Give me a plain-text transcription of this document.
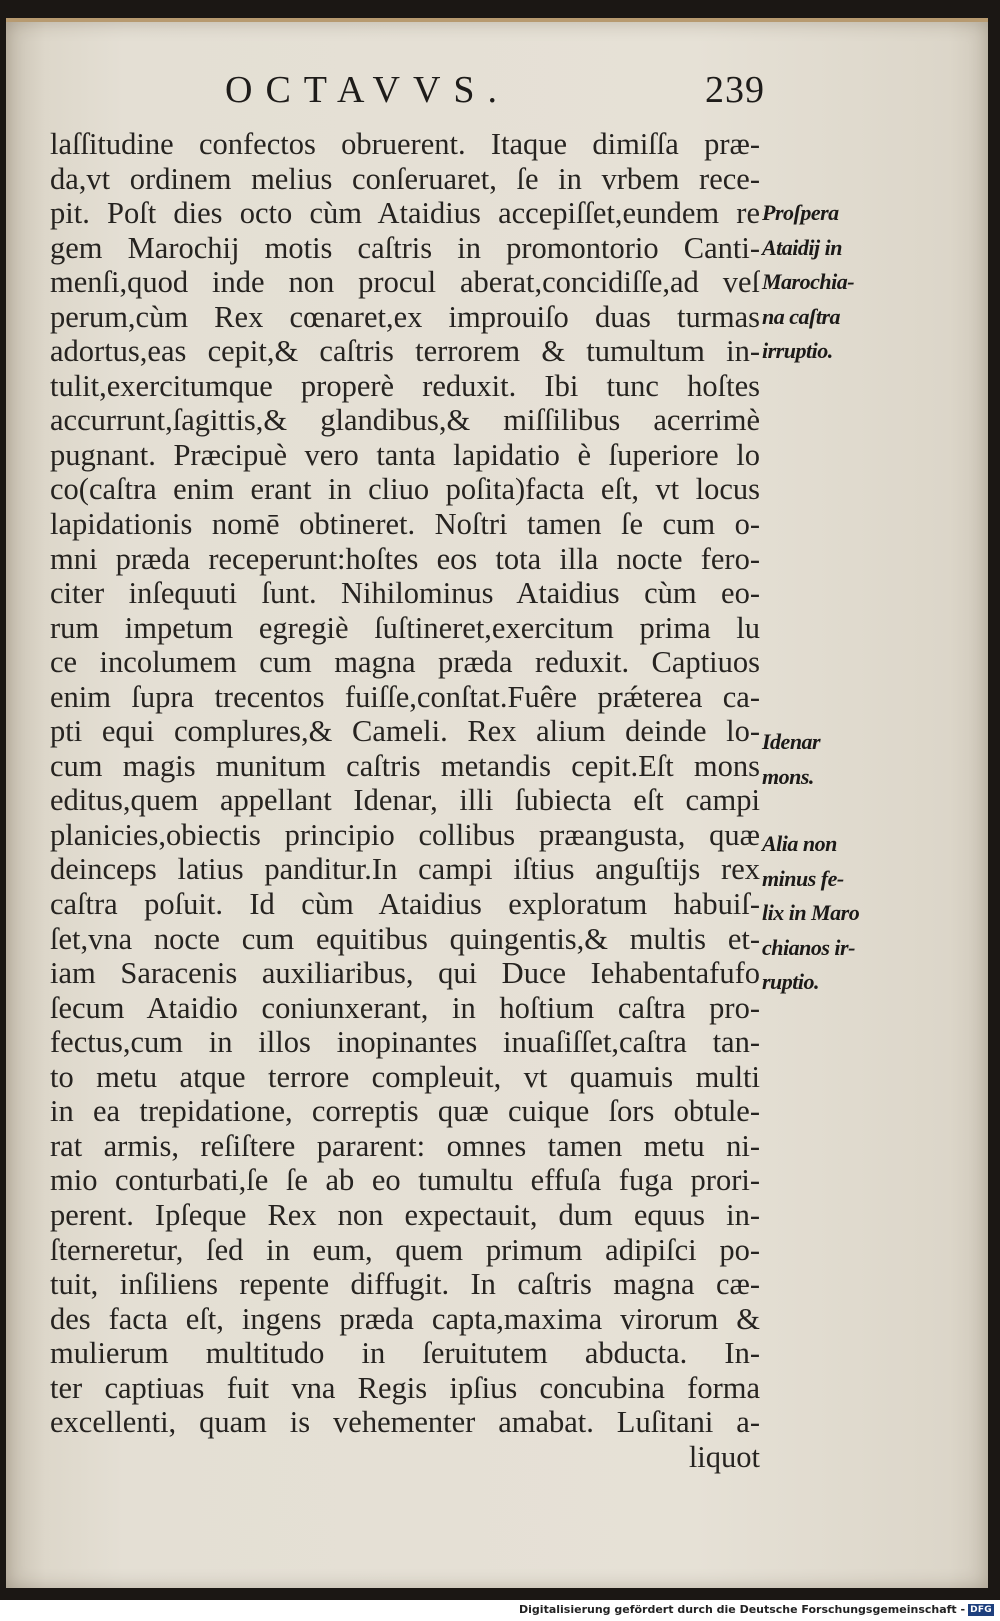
OCTAVVS.	239
laſſitudine confectos obruerent. Itaque dimiſſa præ-
da,vt ordinem melius conſeruaret, ſe in vrbem rece-
pit. Poſt dies octo cùm Ataidius accepiſſet,eundem re
gem Marochij motis caſtris in promontorio Canti-
menſi,quod inde non procul aberat,concidiſſe,ad veſ
perum,cùm Rex cœnaret,ex improuiſo duas turmas
adortus,eas cepit,& caſtris terrorem & tumultum in-
tulit,exercitumque properè reduxit. Ibi tunc hoſtes
accurrunt,ſagittis,& glandibus,& miſſilibus acerrimè
pugnant. Præcipuè vero tanta lapidatio è ſuperiore lo
co(caſtra enim erant in cliuo poſita)facta eſt, vt locus
lapidationis nomē obtineret. Noſtri tamen ſe cum o-
mni præda receperunt:hoſtes eos tota illa nocte fero-
citer inſequuti ſunt. Nihilominus Ataidius cùm eo-
rum impetum egregiè ſuſtineret,exercitum prima lu
ce incolumem cum magna præda reduxit. Captiuos
enim ſupra trecentos fuiſſe,conſtat.Fuêre prǽterea ca-
pti equi complures,& Cameli. Rex alium deinde lo-
cum magis munitum caſtris metandis cepit.Eſt mons
editus,quem appellant Idenar, illi ſubiecta eſt campi
planicies,obiectis principio collibus præangusta, quæ
deinceps latius panditur.In campi iſtius anguſtijs rex
caſtra poſuit. Id cùm Ataidius exploratum habuiſ-
ſet,vna nocte cum equitibus quingentis,& multis et-
iam Saracenis auxiliaribus, qui Duce Iehabentafufo
ſecum Ataidio coniunxerant, in hoſtium caſtra pro-
fectus,cum in illos inopinantes inuaſiſſet,caſtra tan-
to metu atque terrore compleuit, vt quamuis multi
in ea trepidatione, correptis quæ cuique ſors obtule-
rat armis, reſiſtere pararent: omnes tamen metu ni-
mio conturbati,ſe ſe ab eo tumultu effuſa fuga prori-
perent. Ipſeque Rex non expectauit, dum equus in-
ſterneretur, ſed in eum, quem primum adipiſci po-
tuit, inſiliens repente diffugit. In caſtris magna cæ-
des facta eſt, ingens præda capta,maxima virorum &
mulierum multitudo in ſeruitutem abducta. In-
ter captiuas fuit vna Regis ipſius concubina forma
excellenti, quam is vehementer amabat. Luſitani a-
liquot
Proſpera
Ataidij in
Marochia-
na caſtra
irruptio.
Idenar
mons.
Alia non
minus fe-
lix in Maro
chianos ir-
ruptio.
Digitalisierung gefördert durch die Deutsche Forschungsgemeinschaft - DFG
